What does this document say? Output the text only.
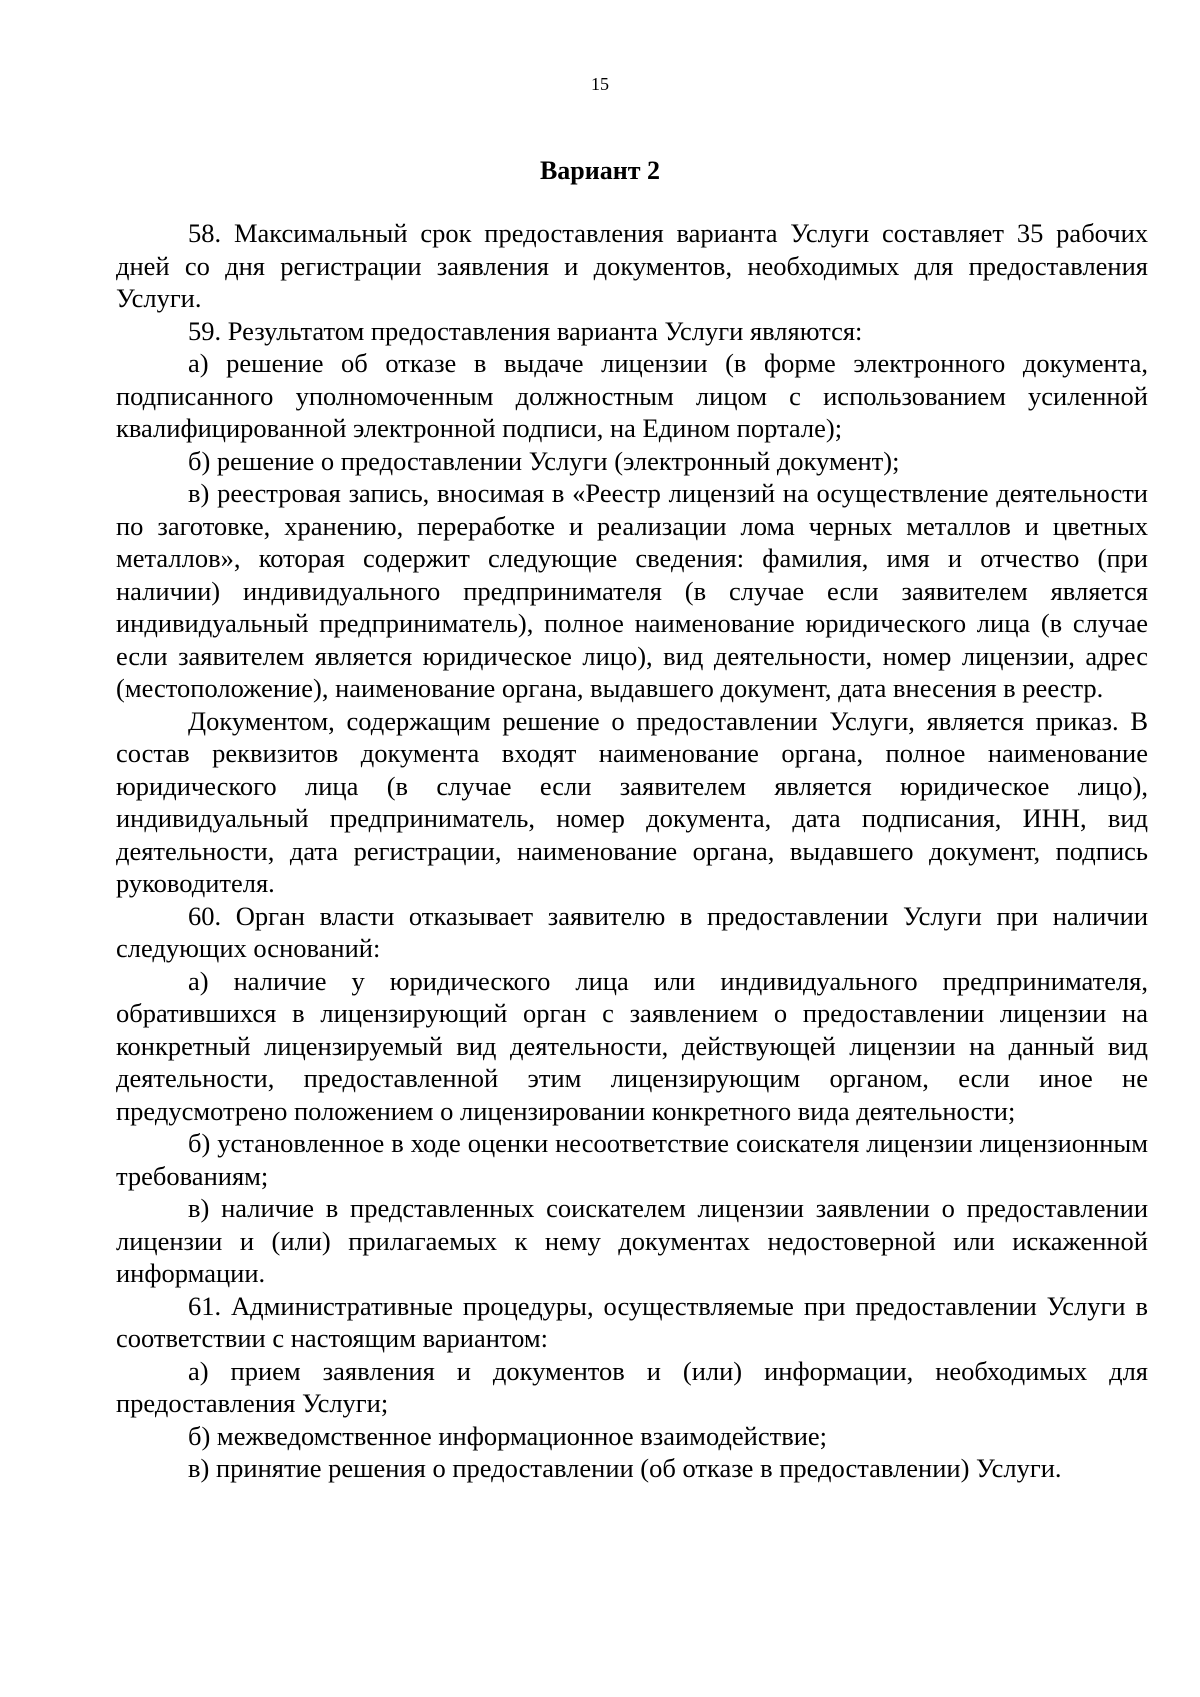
15
Вариант 2

58. Максимальный срок предоставления варианта Услуги составляет 35 рабочих дней со дня регистрации заявления и документов, необходимых для предоставления Услуги.

59. Результатом предоставления варианта Услуги являются:

а) решение об отказе в выдаче лицензии (в форме электронного документа, подписанного уполномоченным должностным лицом с использованием усиленной квалифицированной электронной подписи, на Едином портале);

б) решение о предоставлении Услуги (электронный документ);

в) реестровая запись, вносимая в «Реестр лицензий на осуществление деятельности по заготовке, хранению, переработке и реализации лома черных металлов и цветных металлов», которая содержит следующие сведения: фамилия, имя и отчество (при наличии) индивидуального предпринимателя (в случае если заявителем является индивидуальный предприниматель), полное наименование юридического лица (в случае если заявителем является юридическое лицо), вид деятельности, номер лицензии, адрес (местоположение), наименование органа, выдавшего документ, дата внесения в реестр.

Документом, содержащим решение о предоставлении Услуги, является приказ. В состав реквизитов документа входят наименование органа, полное наименование юридического лица (в случае если заявителем является юридическое лицо), индивидуальный предприниматель, номер документа, дата подписания, ИНН, вид деятельности, дата регистрации, наименование органа, выдавшего документ, подпись руководителя.

60. Орган власти отказывает заявителю в предоставлении Услуги при наличии следующих оснований:

а) наличие у юридического лица или индивидуального предпринимателя, обратившихся в лицензирующий орган с заявлением о предоставлении лицензии на конкретный лицензируемый вид деятельности, действующей лицензии на данный вид деятельности, предоставленной этим лицензирующим органом, если иное не предусмотрено положением о лицензировании конкретного вида деятельности;

б) установленное в ходе оценки несоответствие соискателя лицензии лицензионным требованиям;

в) наличие в представленных соискателем лицензии заявлении о предоставлении лицензии и (или) прилагаемых к нему документах недостоверной или искаженной информации.

61. Административные процедуры, осуществляемые при предоставлении Услуги в соответствии с настоящим вариантом:

а) прием заявления и документов и (или) информации, необходимых для предоставления Услуги;

б) межведомственное информационное взаимодействие;

в) принятие решения о предоставлении (об отказе в предоставлении) Услуги.
